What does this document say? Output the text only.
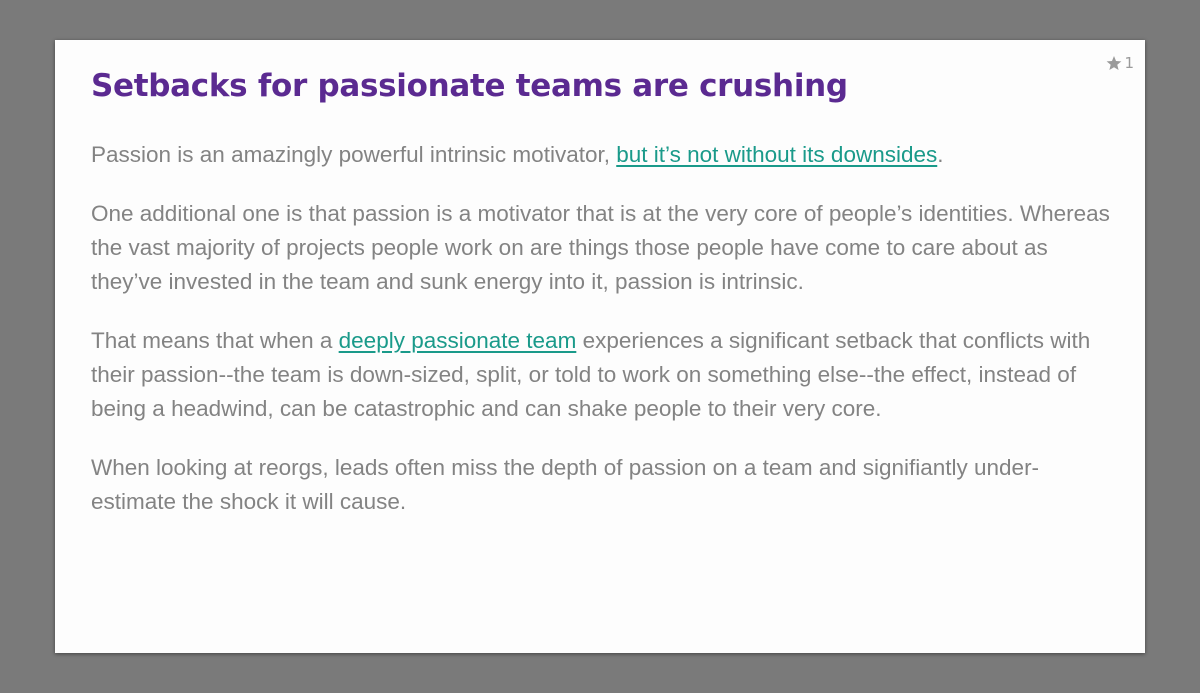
1
Setbacks for passionate teams are crushing

Passion is an amazingly powerful intrinsic motivator, but it’s not without its downsides.

One additional one is that passion is a motivator that is at the very core of people’s identities. Whereas the vast majority of projects people work on are things those people have come to care about as they’ve invested in the team and sunk energy into it, passion is intrinsic.

That means that when a deeply passionate team experiences a significant setback that conflicts with their passion--the team is down-sized, split, or told to work on something else--the effect, instead of being a headwind, can be catastrophic and can shake people to their very core.

When looking at reorgs, leads often miss the depth of passion on a team and signifiantly under-estimate the shock it will cause.
